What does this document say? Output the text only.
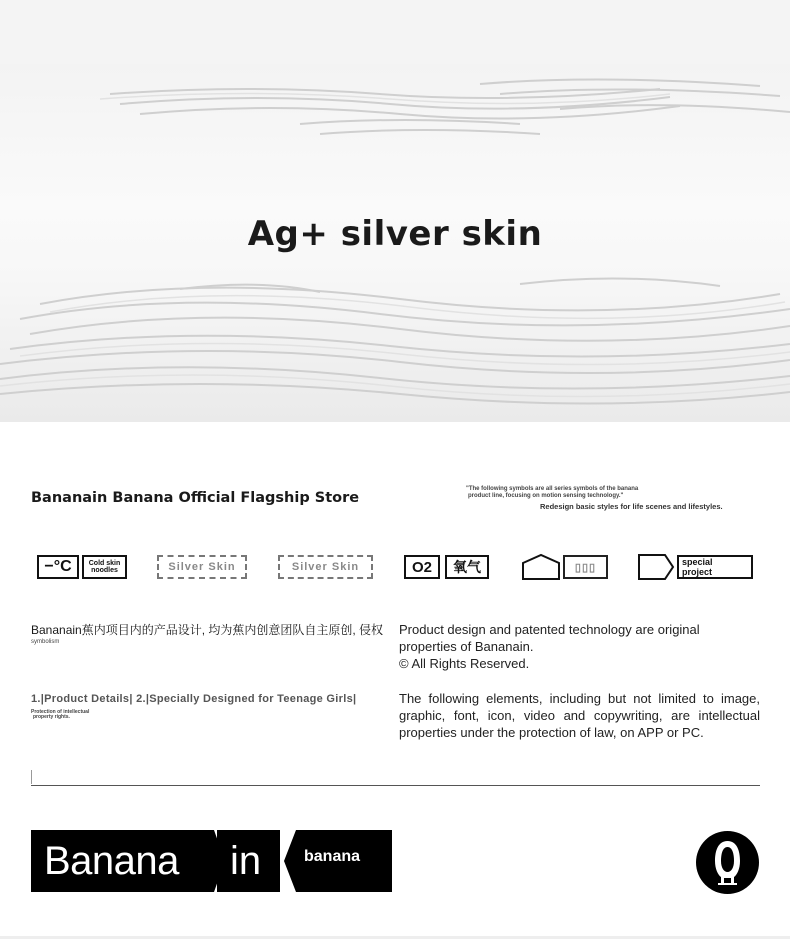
Ag+ silver skin
Bananain Banana Official Flagship Store
"The following symbols are all series symbols of the banana
product line, focusing on motion sensing technology."
Redesign basic styles for life scenes and lifestyles.
−°C	Cold skin
noodles	Silver Skin	Silver Skin	O2	氧气	▯▯▯	special
project
Bananain蕉内项目内的产品设计, 均为蕉内创意团队自主原创, 侵权
symbolism
Product design and patented technology are original properties of Bananain.
© All Rights Reserved.
1.|Product Details| 2.|Specially Designed for Teenage Girls|
Protection of intellectual
property rights.
The following elements, including but not limited to image, graphic, font, icon, video and copywriting, are intellectual properties under the protection of law, on APP or PC.
Banana in	banana
